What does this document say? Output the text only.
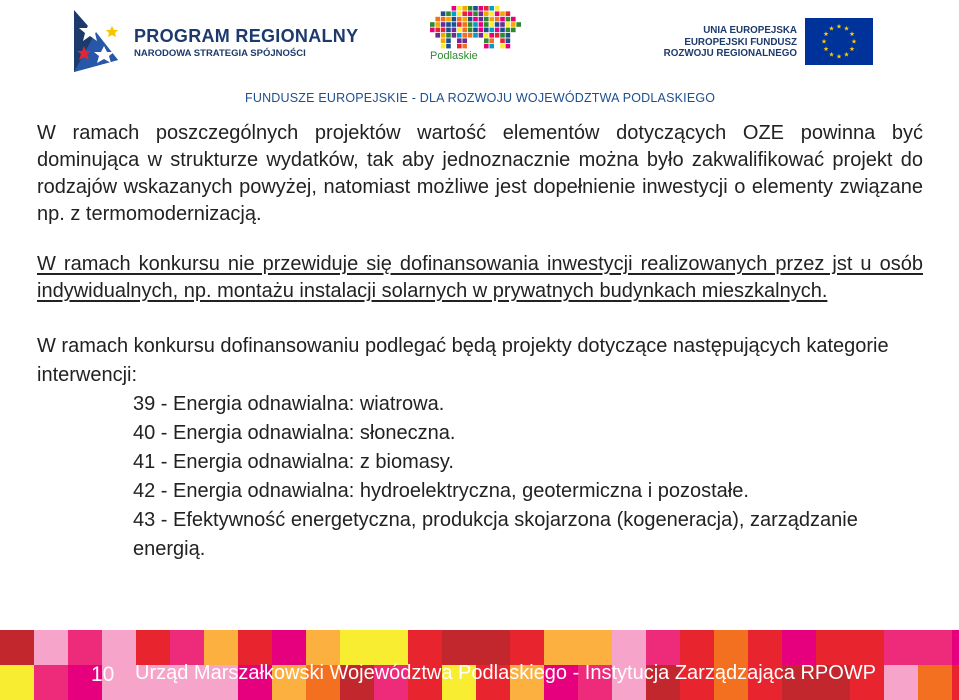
PROGRAM REGIONALNY
NARODOWA STRATEGIA SPÓJNOŚCI	Podlaskie
UNIA EUROPEJSKA
EUROPEJSKI FUNDUSZ
ROZWOJU REGIONALNEGO
FUNDUSZE EUROPEJSKIE - DLA ROZWOJU WOJEWÓDZTWA PODLASKIEGO

W ramach poszczególnych projektów wartość elementów dotyczących OZE powinna być dominująca w strukturze wydatków, tak aby jednoznacznie można było zakwalifikować projekt do rodzajów wskazanych powyżej, natomiast możliwe jest dopełnienie inwestycji o elementy związane np. z termomodernizacją.

W ramach konkursu nie przewiduje się dofinansowania inwestycji realizowanych przez jst u osób indywidualnych, np. montażu instalacji solarnych w prywatnych budynkach mieszkalnych.

W ramach konkursu dofinansowaniu podlegać będą projekty dotyczące następujących kategorie interwencji:

39 - Energia odnawialna: wiatrowa.
40 - Energia odnawialna: słoneczna.
41 - Energia odnawialna: z biomasy.
42 - Energia odnawialna: hydroelektryczna, geotermiczna i pozostałe.
43 - Efektywność energetyczna, produkcja skojarzona (kogeneracja), zarządzanie energią.
10 Urząd Marszałkowski Województwa Podlaskiego - Instytucja Zarządzająca RPOWP
